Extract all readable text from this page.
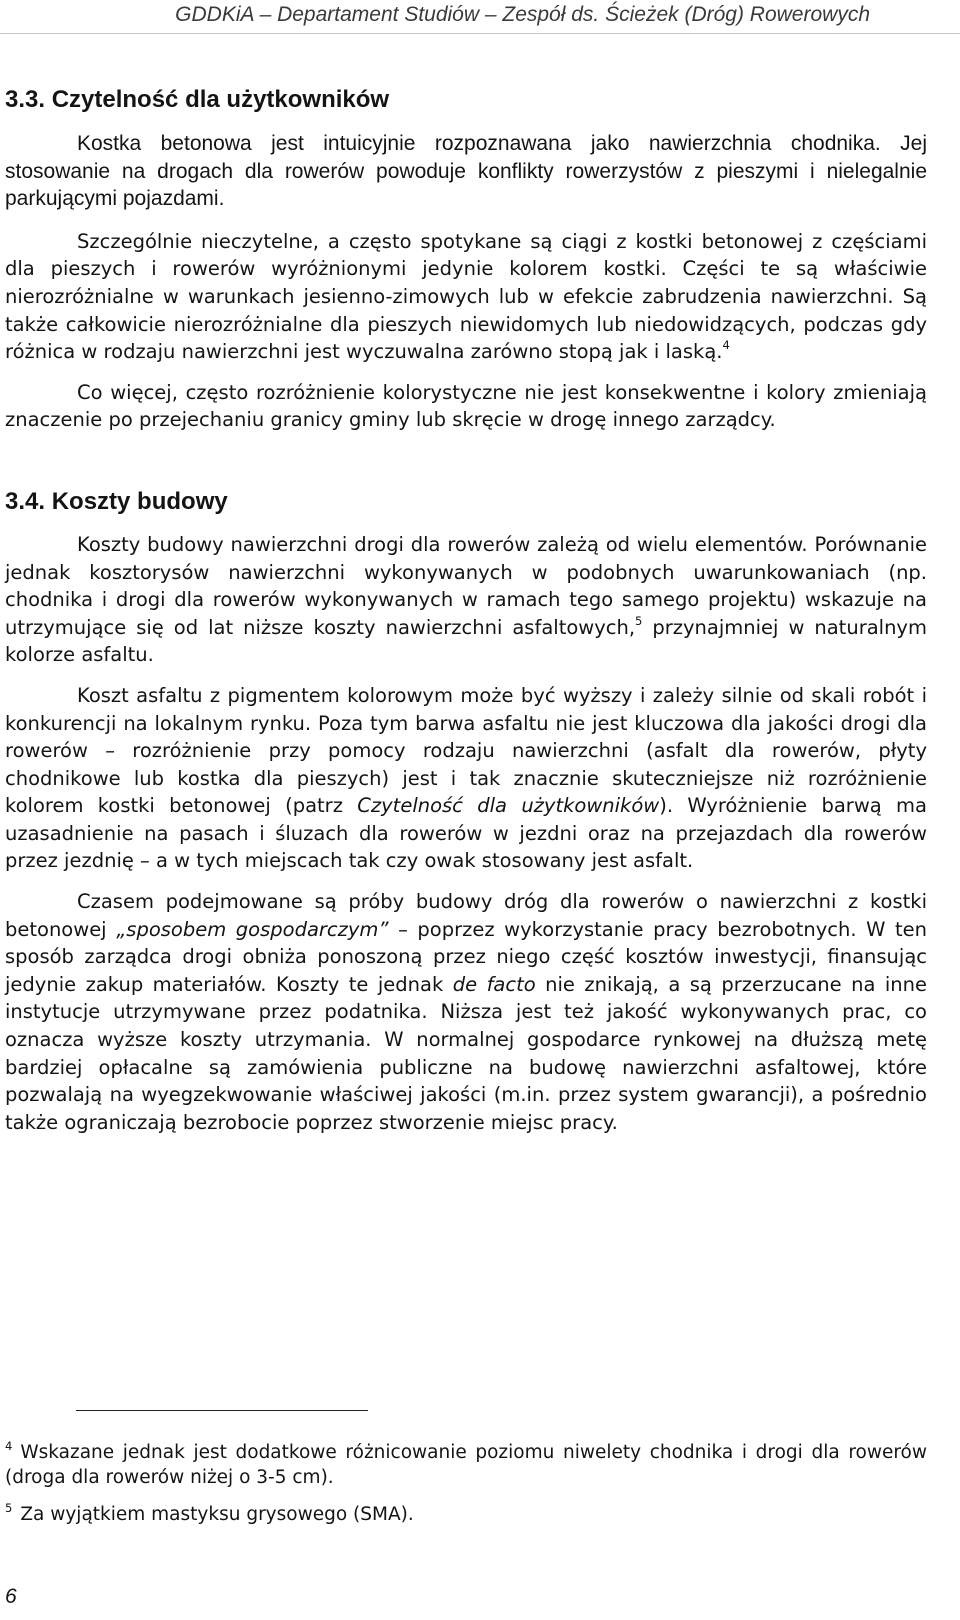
GDDKiA – Departament Studiów – Zespół ds. Ścieżek (Dróg) Rowerowych
3.3. Czytelność dla użytkowników

Kostka betonowa jest intuicyjnie rozpoznawana jako nawierzchnia chodnika. Jej stosowanie na drogach dla rowerów powoduje konflikty rowerzystów z pieszymi i nielegalnie parkującymi pojazdami.

Szczególnie nieczytelne, a często spotykane są ciągi z kostki betonowej z częściami dla pieszych i rowerów wyróżnionymi jedynie kolorem kostki. Części te są właściwie nierozróżnialne w warunkach jesienno-zimowych lub w efekcie zabrudzenia nawierzchni. Są także całkowicie nierozróżnialne dla pieszych niewidomych lub niedowidzących, podczas gdy różnica w rodzaju nawierzchni jest wyczuwalna zarówno stopą jak i laską.$^4$

Co więcej, często rozróżnienie kolorystyczne nie jest konsekwentne i kolory zmieniają znaczenie po przejechaniu granicy gminy lub skręcie w drogę innego zarządcy.

3.4. Koszty budowy

Koszty budowy nawierzchni drogi dla rowerów zależą od wielu elementów. Porównanie jednak kosztorysów nawierzchni wykonywanych w podobnych uwarunkowaniach (np. chodnika i drogi dla rowerów wykonywanych w ramach tego samego projektu) wskazuje na utrzymujące się od lat niższe koszty nawierzchni asfaltowych,$^5$ przynajmniej w naturalnym kolorze asfaltu.

Koszt asfaltu z pigmentem kolorowym może być wyższy i zależy silnie od skali robót i konkurencji na lokalnym rynku. Poza tym barwa asfaltu nie jest kluczowa dla jakości drogi dla rowerów – rozróżnienie przy pomocy rodzaju nawierzchni (asfalt dla rowerów, płyty chodnikowe lub kostka dla pieszych) jest i tak znacznie skuteczniejsze niż rozróżnienie kolorem kostki betonowej (patrz Czytelność dla użytkowników). Wyróżnienie barwą ma uzasadnienie na pasach i śluzach dla rowerów w jezdni oraz na przejazdach dla rowerów przez jezdnię – a w tych miejscach tak czy owak stosowany jest asfalt.

Czasem podejmowane są próby budowy dróg dla rowerów o nawierzchni z kostki betonowej „sposobem gospodarczym” – poprzez wykorzystanie pracy bezrobotnych. W ten sposób zarządca drogi obniża ponoszoną przez niego część kosztów inwestycji, finansując jedynie zakup materiałów. Koszty te jednak de facto nie znikają, a są przerzucane na inne instytucje utrzymywane przez podatnika. Niższa jest też jakość wykonywanych prac, co oznacza wyższe koszty utrzymania. W normalnej gospodarce rynkowej na dłuższą metę bardziej opłacalne są zamówienia publiczne na budowę nawierzchni asfaltowej, które pozwalają na wyegzekwowanie właściwej jakości (m.in. przez system gwarancji), a pośrednio także ograniczają bezrobocie poprzez stworzenie miejsc pracy.

$^4$ Wskazane jednak jest dodatkowe różnicowanie poziomu niwelety chodnika i drogi dla rowerów (droga dla rowerów niżej o 3-5 cm).
$^5$ Za wyjątkiem mastyksu grysowego (SMA).
6
